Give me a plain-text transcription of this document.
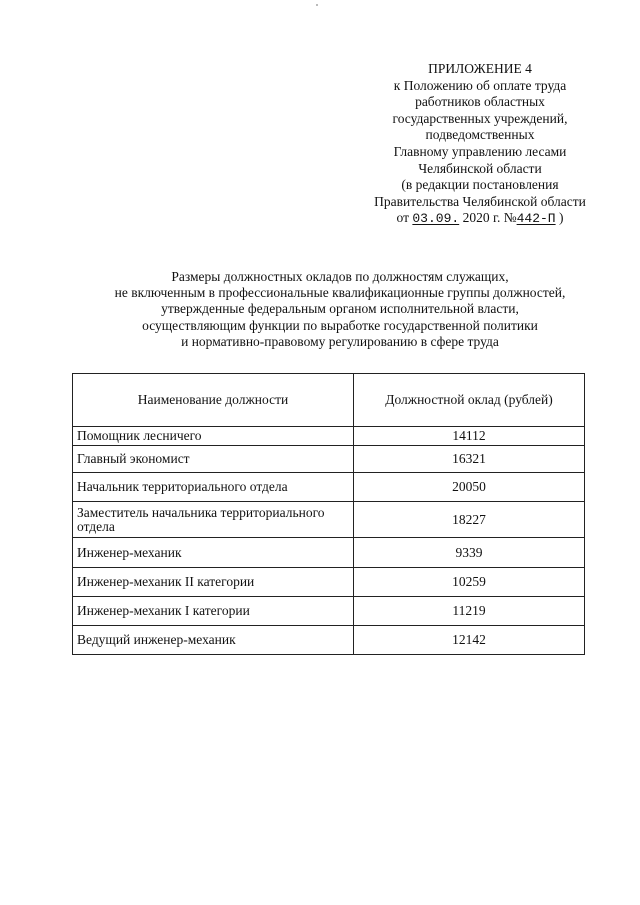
ПРИЛОЖЕНИЕ 4
к Положению об оплате труда
работников областных
государственных учреждений,
подведомственных
Главному управлению лесами
Челябинской области
(в редакции постановления
Правительства Челябинской области
от 03.09. 2020 г. №442-П )
Размеры должностных окладов по должностям служащих,
не включенным в профессиональные квалификационные группы должностей,
утвержденные федеральным органом исполнительной власти,
осуществляющим функции по выработке государственной политики
и нормативно-правовому регулированию в сфере труда
Наименование должности	Должностной оклад (рублей)
Помощник лесничего	14112
Главный экономист	16321
Начальник территориального отдела	20050
Заместитель начальника территориального отдела	18227
Инженер-механик	9339
Инженер-механик II категории	10259
Инженер-механик I категории	11219
Ведущий инженер-механик	12142
